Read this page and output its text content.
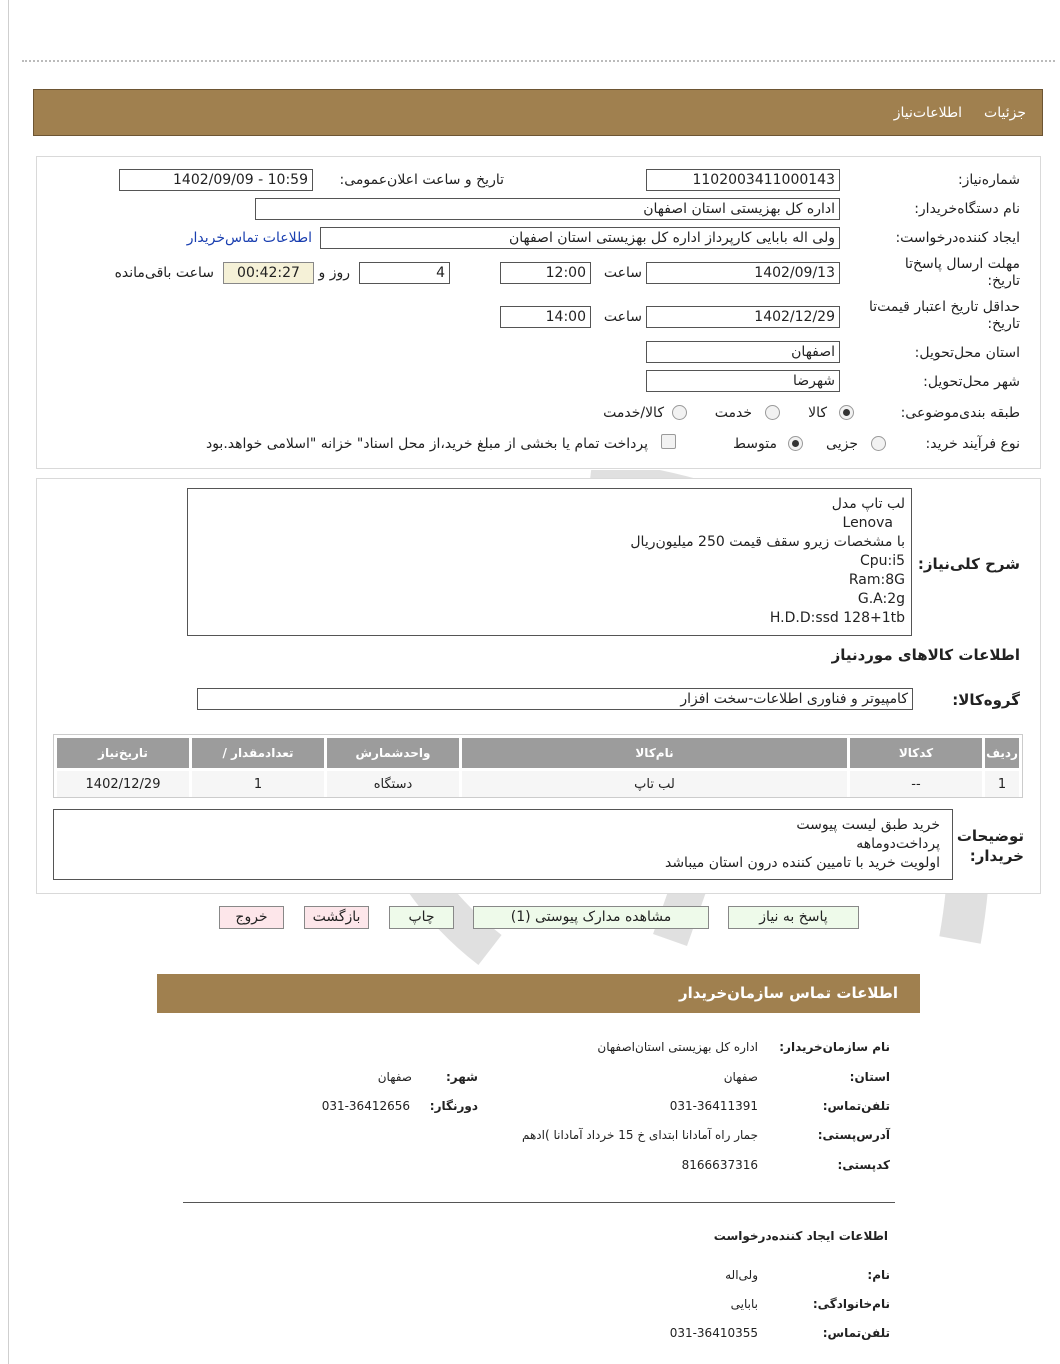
جزئیات
اطلاعات‌نیاز
شماره‌نیاز:
1102003411000143
تاریخ و ساعت اعلان‌عمومی:
1402/09/09 - 10:59
نام دستگاه‌خریدار:
اداره کل بهزیستی استان اصفهان
ایجاد کننده‌درخواست:
ولی اله بابایی کارپرداز اداره کل بهزیستی استان اصفهان
اطلاعات تماس‌خریدار
مهلت ارسال پاسخ‌تا تاریخ:
1402/09/13
ساعت
12:00
4
روز و
00:42:27
ساعت باقی‌مانده
حداقل تاریخ اعتبار قیمت‌تا تاریخ:
1402/12/29
ساعت
14:00
استان محل‌تحویل:
اصفهان
شهر محل‌تحویل:
شهرضا
طبقه بندی‌موضوعی:
کالا
خدمت
کالا/خدمت
نوع فرآیند خرید:
جزیی
متوسط
پرداخت تمام یا بخشی از مبلغ خرید،از محل اسناد" خزانه "اسلامی خواهد.بود
شرح کلی‌نیاز:
لب تاپ مدل
Lenova
با مشخصات زیرو سقف قیمت 250 میلیون‌ریال
Cpu:i5
Ram:8G
G.A:2g
H.D.D:ssd 128+1tb
اطلاعات کالاهای موردنیاز
گروه‌کالا:
کامپیوتر و فناوری اطلاعات-سخت افزار
ردیف	کدکالا	نام‌کالا	واحدشمارش	تعدادمقدار /	تاریخ‌نیاز
1	--	لب تاپ	دستگاه	1	1402/12/29
توضیحات خریدار:
خرید طبق لیست پیوست
پرداخت‌دوماهه
اولویت خرید با تامیین کننده درون استان میباشد
پاسخ به نیاز
مشاهده مدارک پیوستی (1)
چاپ
بازگشت
خروج
اطلاعات تماس سازمان‌خریدار
نام سازمان‌خریدار:
اداره کل بهزیستی استان‌اصفهان
استان:
صفهان
شهر:
صفهان
تلفن‌تماس:
031-36411391
دورنگار:
031-36412656
آدرس‌پستی:
جمار راه آمادانا ابتدای خ 15 خرداد آمادانا )ادهم
کدپستی:
8166637316
اطلاعات ایجاد کننده‌درخواست
نام:
ولی‌اله
نام‌خانوادگی:
بابایی
تلفن‌تماس:
031-36410355
